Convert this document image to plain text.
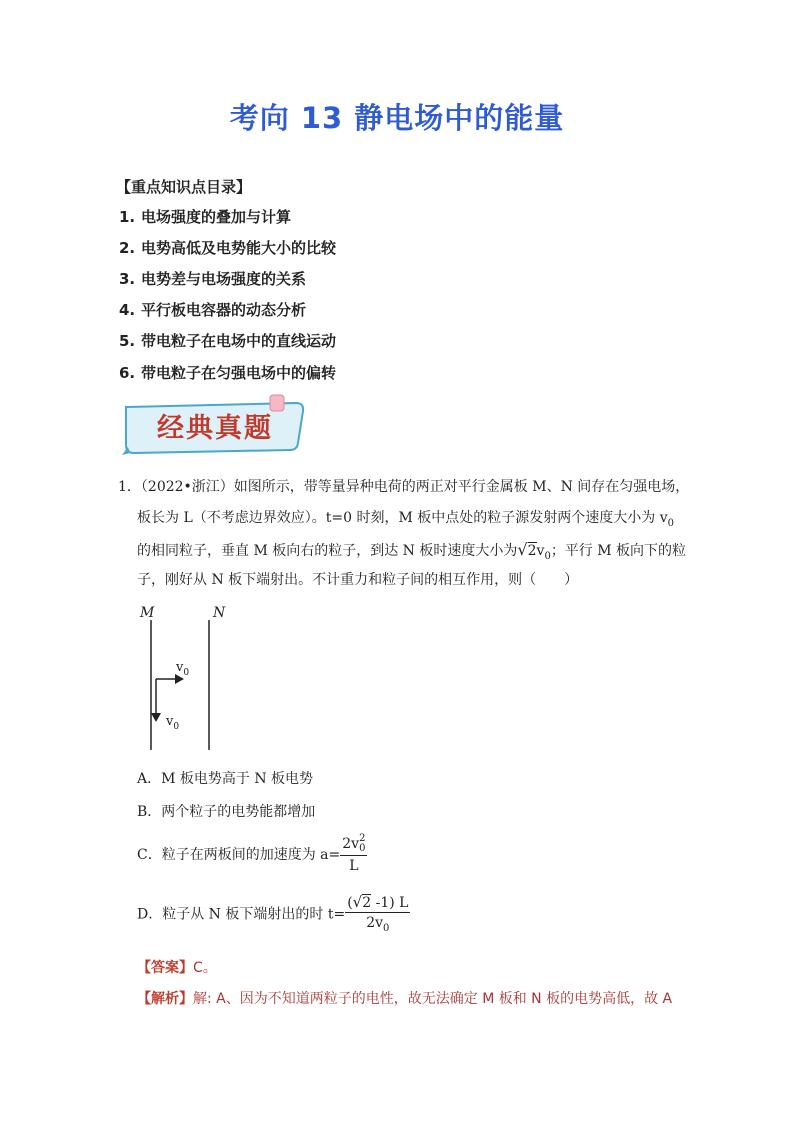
考向 13 静电场中的能量
【重点知识点目录】
1. 电场强度的叠加与计算
2. 电势高低及电势能大小的比较
3. 电势差与电场强度的关系
4. 平行板电容器的动态分析
5. 带电粒子在电场中的直线运动
6. 带电粒子在匀强电场中的偏转
经典真题
1．（2022•浙江）如图所示，带等量异种电荷的两正对平行金属板 M、N 间存在匀强电场，
板长为 L（不考虑边界效应）。t=0 时刻，M 板中点处的粒子源发射两个速度大小为 $v_0$
的相同粒子，垂直 M 板向右的粒子，到达 N 板时速度大小为$√2v_0$；平行 M 板向下的粒
子，刚好从 N 板下端射出。不计重力和粒子间的相互作用，则（　　）
M	N
$v_0$
$v_0$
A．M 板电势高于 N 板电势
B．两个粒子的电势能都增加
C．粒子在两板间的加速度为 a= 2v 2
0
L
D．粒子从 N 板下端射出的时 $t= \frac{(√2 -1) L}{2v_0}$
【答案】C。
【解析】解: A、因为不知道两粒子的电性，故无法确定 M 板和 N 板的电势高低，故 A
